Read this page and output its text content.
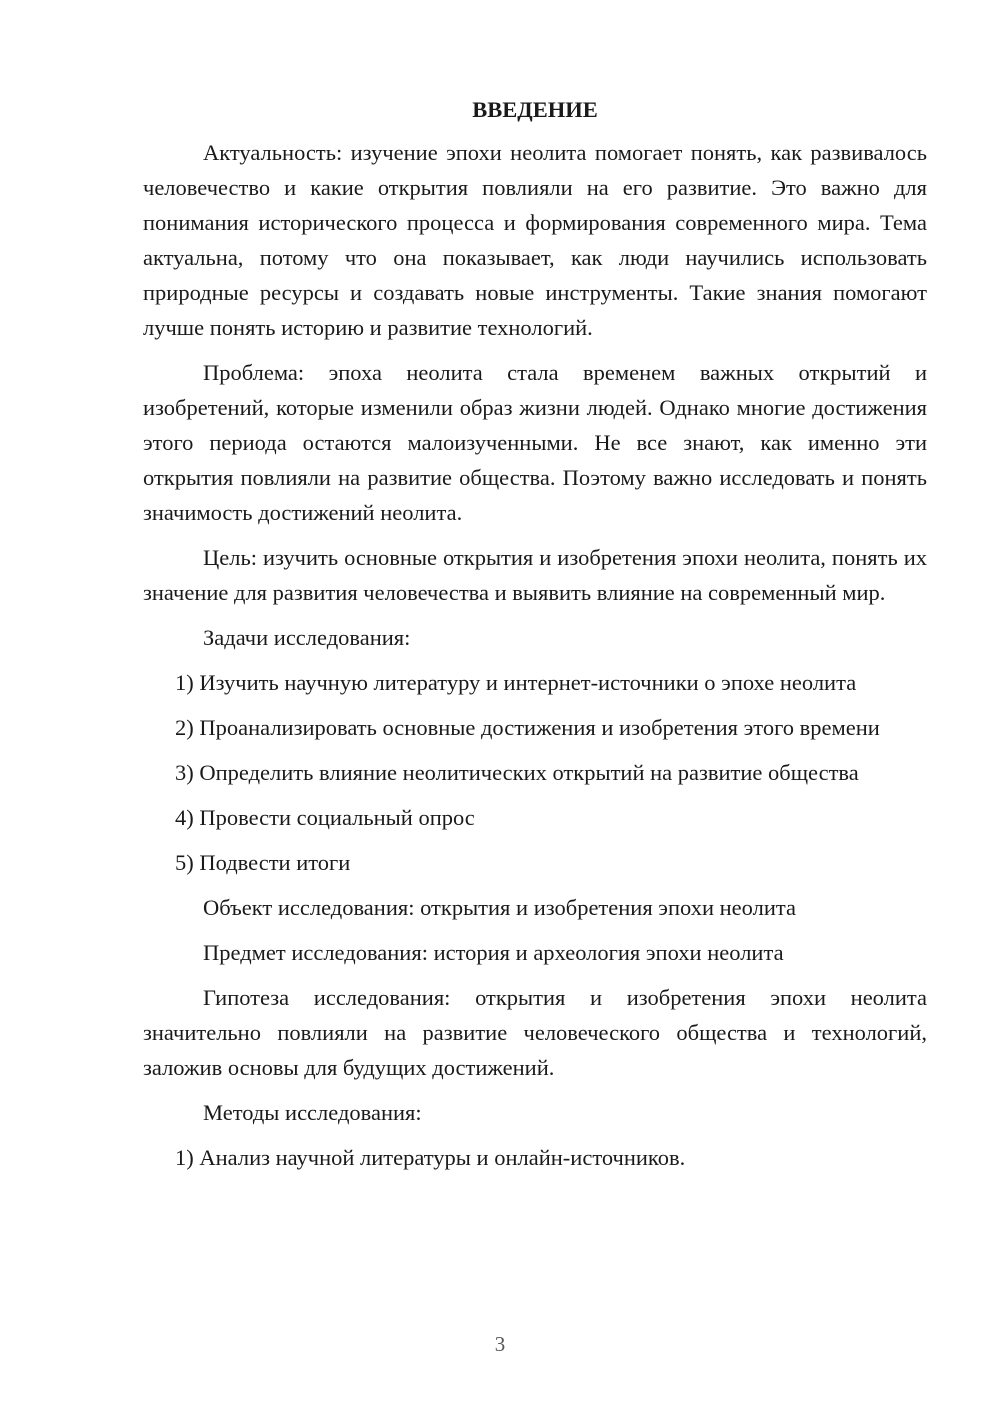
ВВЕДЕНИЕ

Актуальность: изучение эпохи неолита помогает понять, как развивалось человечество и какие открытия повлияли на его развитие. Это важно для понимания исторического процесса и формирования современного мира. Тема актуальна, потому что она показывает, как люди научились использовать природные ресурсы и создавать новые инструменты. Такие знания помогают лучше понять историю и развитие технологий.

Проблема: эпоха неолита стала временем важных открытий и изобретений, которые изменили образ жизни людей. Однако многие достижения этого периода остаются малоизученными. Не все знают, как именно эти открытия повлияли на развитие общества. Поэтому важно исследовать и понять значимость достижений неолита.

Цель: изучить основные открытия и изобретения эпохи неолита, понять их значение для развития человечества и выявить влияние на современный мир.

Задачи исследования:
1) Изучить научную литературу и интернет-источники о эпохе неолита
2) Проанализировать основные достижения и изобретения этого времени
3) Определить влияние неолитических открытий на развитие общества
4) Провести социальный опрос
5) Подвести итоги
Объект исследования: открытия и изобретения эпохи неолита
Предмет исследования: история и археология эпохи неолита

Гипотеза исследования: открытия и изобретения эпохи неолита значительно повлияли на развитие человеческого общества и технологий, заложив основы для будущих достижений.

Методы исследования:
1) Анализ научной литературы и онлайн-источников.
3
